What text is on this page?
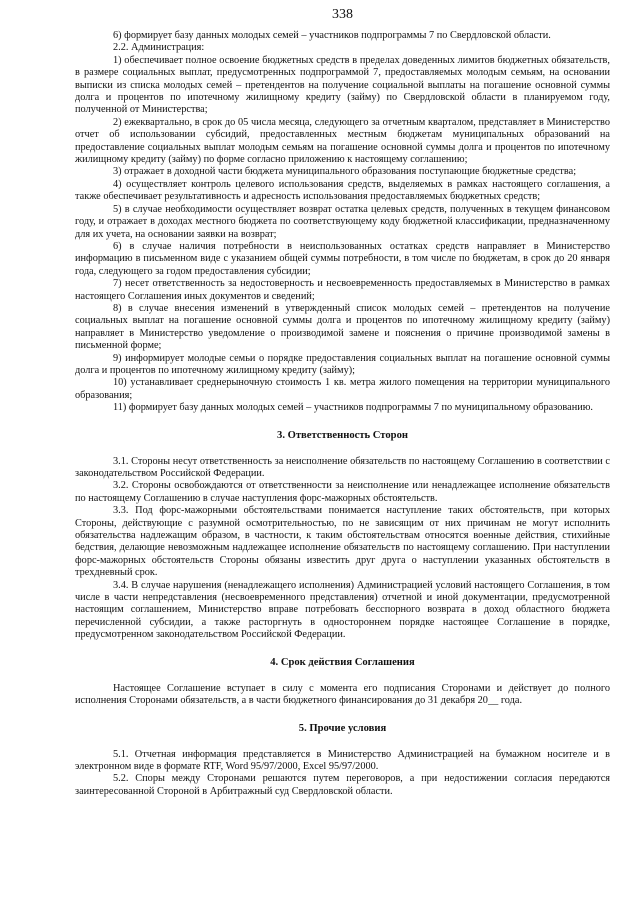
338

6) формирует базу данных молодых семей – участников подпрограммы 7 по Свердловской области.

2.2. Администрация:

1) обеспечивает полное освоение бюджетных средств в пределах доведенных лимитов бюджетных обязательств, в размере социальных выплат, предусмотренных подпрограммой 7, предоставляемых молодым семьям, на основании выписки из списка молодых семей – претендентов на получение социальной выплаты на погашение основной суммы долга и процентов по ипотечному жилищному кредиту (займу) по Свердловской области в планируемом году, полученной от Министерства;

2) ежеквартально, в срок до 05 числа месяца, следующего за отчетным кварталом, представляет в Министерство отчет об использовании субсидий, предоставленных местным бюджетам муниципальных образований на предоставление социальных выплат молодым семьям на погашение основной суммы долга и процентов по ипотечному жилищному кредиту (займу) по форме согласно приложению к настоящему соглашению;

3) отражает в доходной части бюджета муниципального образования поступающие бюджетные средства;

4) осуществляет контроль целевого использования средств, выделяемых в рамках настоящего соглашения, а также обеспечивает результативность и адресность использования предоставляемых бюджетных средств;

5) в случае необходимости осуществляет возврат остатка целевых средств, полученных в текущем финансовом году, и отражает в доходах местного бюджета по соответствующему коду бюджетной классификации, предназначенному для их учета, на основании заявки на возврат;

6) в случае наличия потребности в неиспользованных остатках средств направляет в Министерство информацию в письменном виде с указанием общей суммы потребности, в том числе по бюджетам, в срок до 20 января года, следующего за годом предоставления субсидии;

7) несет ответственность за недостоверность и несвоевременность предоставляемых в Министерство в рамках настоящего Соглашения иных документов и сведений;

8) в случае внесения изменений в утвержденный список молодых семей – претендентов на получение социальных выплат на погашение основной суммы долга и процентов по ипотечному жилищному кредиту (займу) направляет в Министерство уведомление о производимой замене и пояснения о причине производимой замены в письменной форме;

9) информирует молодые семьи о порядке предоставления социальных выплат на погашение основной суммы долга и процентов по ипотечному жилищному кредиту (займу);

10) устанавливает среднерыночную стоимость 1 кв. метра жилого помещения на территории муниципального образования;

11) формирует базу данных молодых семей – участников подпрограммы 7 по муниципальному образованию.

3. Ответственность Сторон

3.1. Стороны несут ответственность за неисполнение обязательств по настоящему Соглашению в соответствии с законодательством Российской Федерации.

3.2. Стороны освобождаются от ответственности за неисполнение или ненадлежащее исполнение обязательств по настоящему Соглашению в случае наступления форс-мажорных обстоятельств.

3.3. Под форс-мажорными обстоятельствами понимается наступление таких обстоятельств, при которых Стороны, действующие с разумной осмотрительностью, по не зависящим от них причинам не могут исполнить обязательства надлежащим образом, в частности, к таким обстоятельствам относятся военные действия, стихийные бедствия, делающие невозможным надлежащее исполнение обязательств по настоящему соглашению. При наступлении форс-мажорных обстоятельств Стороны обязаны известить друг друга о наступлении указанных обстоятельств в трехдневный срок.

3.4. В случае нарушения (ненадлежащего исполнения) Администрацией условий настоящего Соглашения, в том числе в части непредставления (несвоевременного представления) отчетной и иной документации, предусмотренной настоящим соглашением, Министерство вправе потребовать бесспорного возврата в доход областного бюджета перечисленной субсидии, а также расторгнуть в одностороннем порядке настоящее Соглашение в порядке, предусмотренном законодательством Российской Федерации.

4. Срок действия Соглашения

Настоящее Соглашение вступает в силу с момента его подписания Сторонами и действует до полного исполнения Сторонами обязательств, а в части бюджетного финансирования до 31 декабря 20__ года.

5. Прочие условия

5.1. Отчетная информация представляется в Министерство Администрацией на бумажном носителе и в электронном виде в формате RTF, Word 95/97/2000, Excel 95/97/2000.

5.2. Споры между Сторонами решаются путем переговоров, а при недостижении согласия передаются заинтересованной Стороной в Арбитражный суд Свердловской области.
